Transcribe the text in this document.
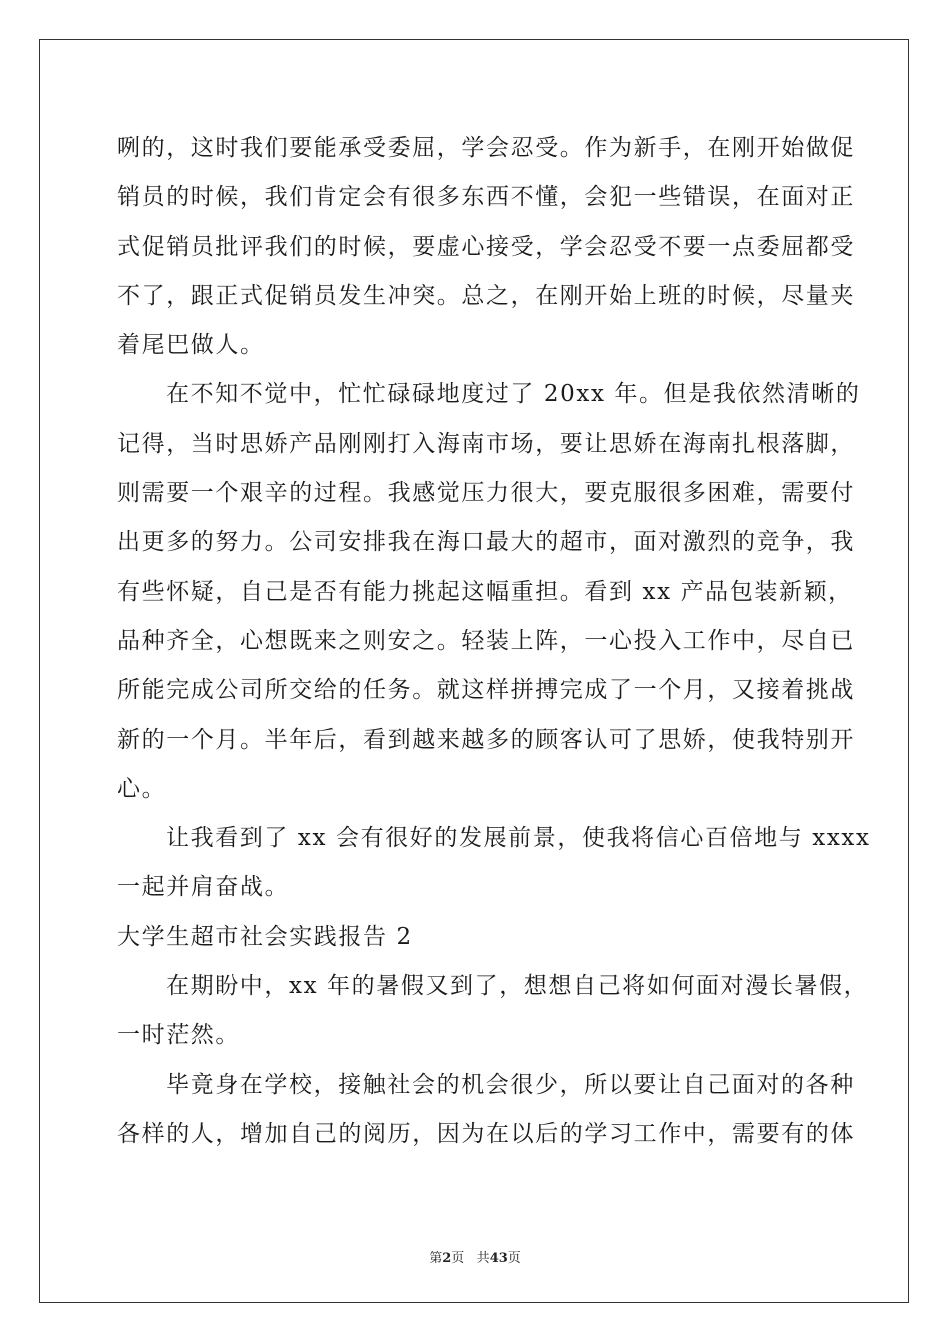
咧的，这时我们要能承受委屈，学会忍受。作为新手，在刚开始做促
销员的时候，我们肯定会有很多东西不懂，会犯一些错误，在面对正
式促销员批评我们的时候，要虚心接受，学会忍受不要一点委屈都受
不了，跟正式促销员发生冲突。总之，在刚开始上班的时候，尽量夹
着尾巴做人。
在不知不觉中，忙忙碌碌地度过了 20xx 年。但是我依然清晰的
记得，当时思娇产品刚刚打入海南市场，要让思娇在海南扎根落脚，
则需要一个艰辛的过程。我感觉压力很大，要克服很多困难，需要付
出更多的努力。公司安排我在海口最大的超市，面对激烈的竞争，我
有些怀疑，自己是否有能力挑起这幅重担。看到 xx 产品包装新颖，
品种齐全，心想既来之则安之。轻装上阵，一心投入工作中，尽自已
所能完成公司所交给的任务。就这样拼搏完成了一个月，又接着挑战
新的一个月。半年后，看到越来越多的顾客认可了思娇，使我特别开
心。
让我看到了 xx 会有很好的发展前景，使我将信心百倍地与 xxxx
一起并肩奋战。
大学生超市社会实践报告 2
在期盼中，xx 年的暑假又到了，想想自己将如何面对漫长暑假，
一时茫然。
毕竟身在学校，接触社会的机会很少，所以要让自己面对的各种
各样的人，增加自己的阅历，因为在以后的学习工作中，需要有的体
第2页 共43页
